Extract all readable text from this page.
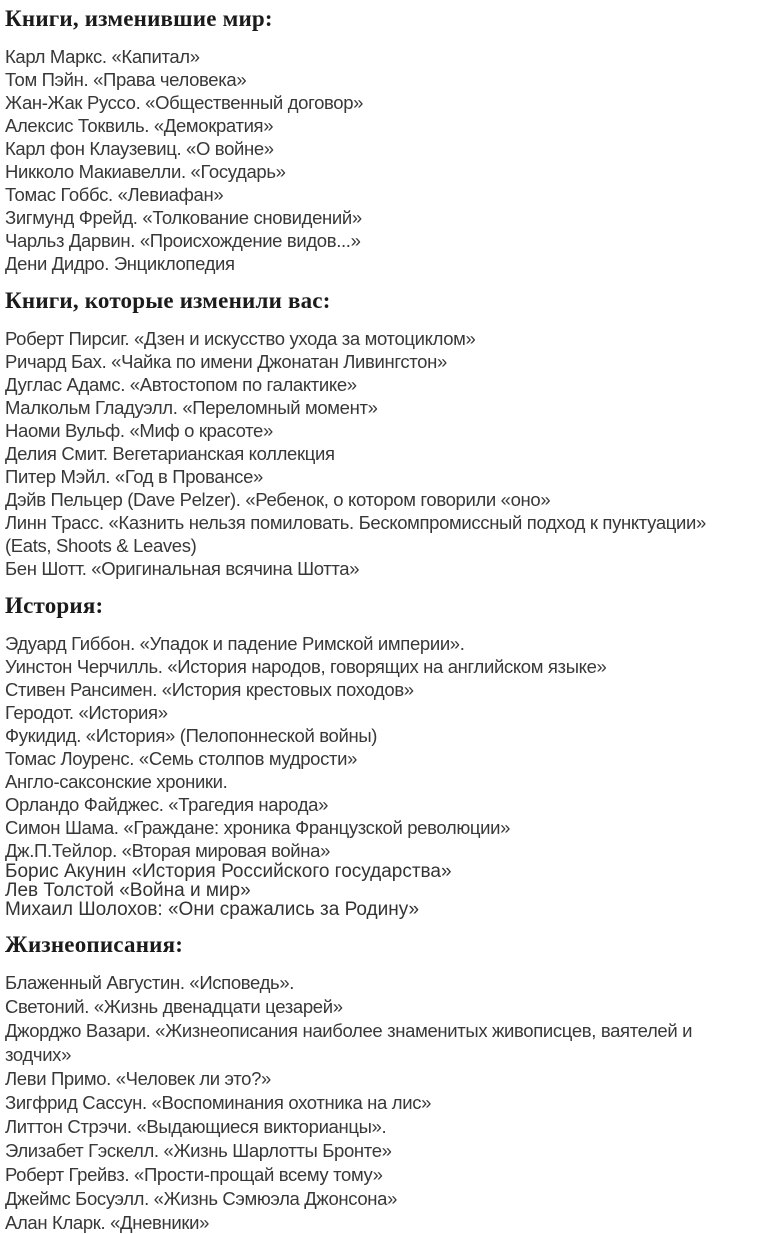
Книги, изменившие мир:

Карл Маркс. «Капитал»

Том Пэйн. «Права человека»

Жан-Жак Руссо. «Общественный договор»

Алексис Токвиль. «Демократия»

Карл фон Клаузевиц. «О войне»

Никколо Макиавелли. «Государь»

Томас Гоббс. «Левиафан»

Зигмунд Фрейд. «Толкование сновидений»

Чарльз Дарвин. «Происхождение видов...»

Дени Дидро. Энциклопедия

Книги, которые изменили вас:

Роберт Пирсиг. «Дзен и искусство ухода за мотоциклом»

Ричард Бах. «Чайка по имени Джонатан Ливингстон»

Дуглас Адамс. «Автостопом по галактике»

Малкольм Гладуэлл. «Переломный момент»

Наоми Вульф. «Миф о красоте»

Делия Смит. Вегетарианская коллекция

Питер Мэйл. «Год в Провансе»

Дэйв Пельцер (Dave Pelzer). «Ребенок, о котором говорили «оно»

Линн Трасс. «Казнить нельзя помиловать. Бескомпромиссный подход к пунктуации»

(Eats, Shoots & Leaves)

Бен Шотт. «Оригинальная всячина Шотта»

История:

Эдуард Гиббон. «Упадок и падение Римской империи».

Уинстон Черчилль. «История народов, говорящих на английском языке»

Стивен Рансимен. «История крестовых походов»

Геродот. «История»

Фукидид. «История» (Пелопоннеской войны)

Томас Лоуренс. «Семь столпов мудрости»

Англо-саксонские хроники.

Орландо Файджес. «Трагедия народа»

Симон Шама. «Граждане: хроника Французской революции»

Дж.П.Тейлор. «Вторая мировая война»

Борис Акунин «История Российского государства»

Лев Толстой «Война и мир»

Михаил Шолохов: «Они сражались за Родину»

Жизнеописания:

Блаженный Августин. «Исповедь».

Светоний. «Жизнь двенадцати цезарей»

Джорджо Вазари. «Жизнеописания наиболее знаменитых живописцев, ваятелей и

зодчих»

Леви Примо. «Человек ли это?»

Зигфрид Сассун. «Воспоминания охотника на лис»

Литтон Стрэчи. «Выдающиеся викторианцы».

Элизабет Гэскелл. «Жизнь Шарлотты Бронте»

Роберт Грейвз. «Прости-прощай всему тому»

Джеймс Босуэлл. «Жизнь Сэмюэла Джонсона»

Алан Кларк. «Дневники»
